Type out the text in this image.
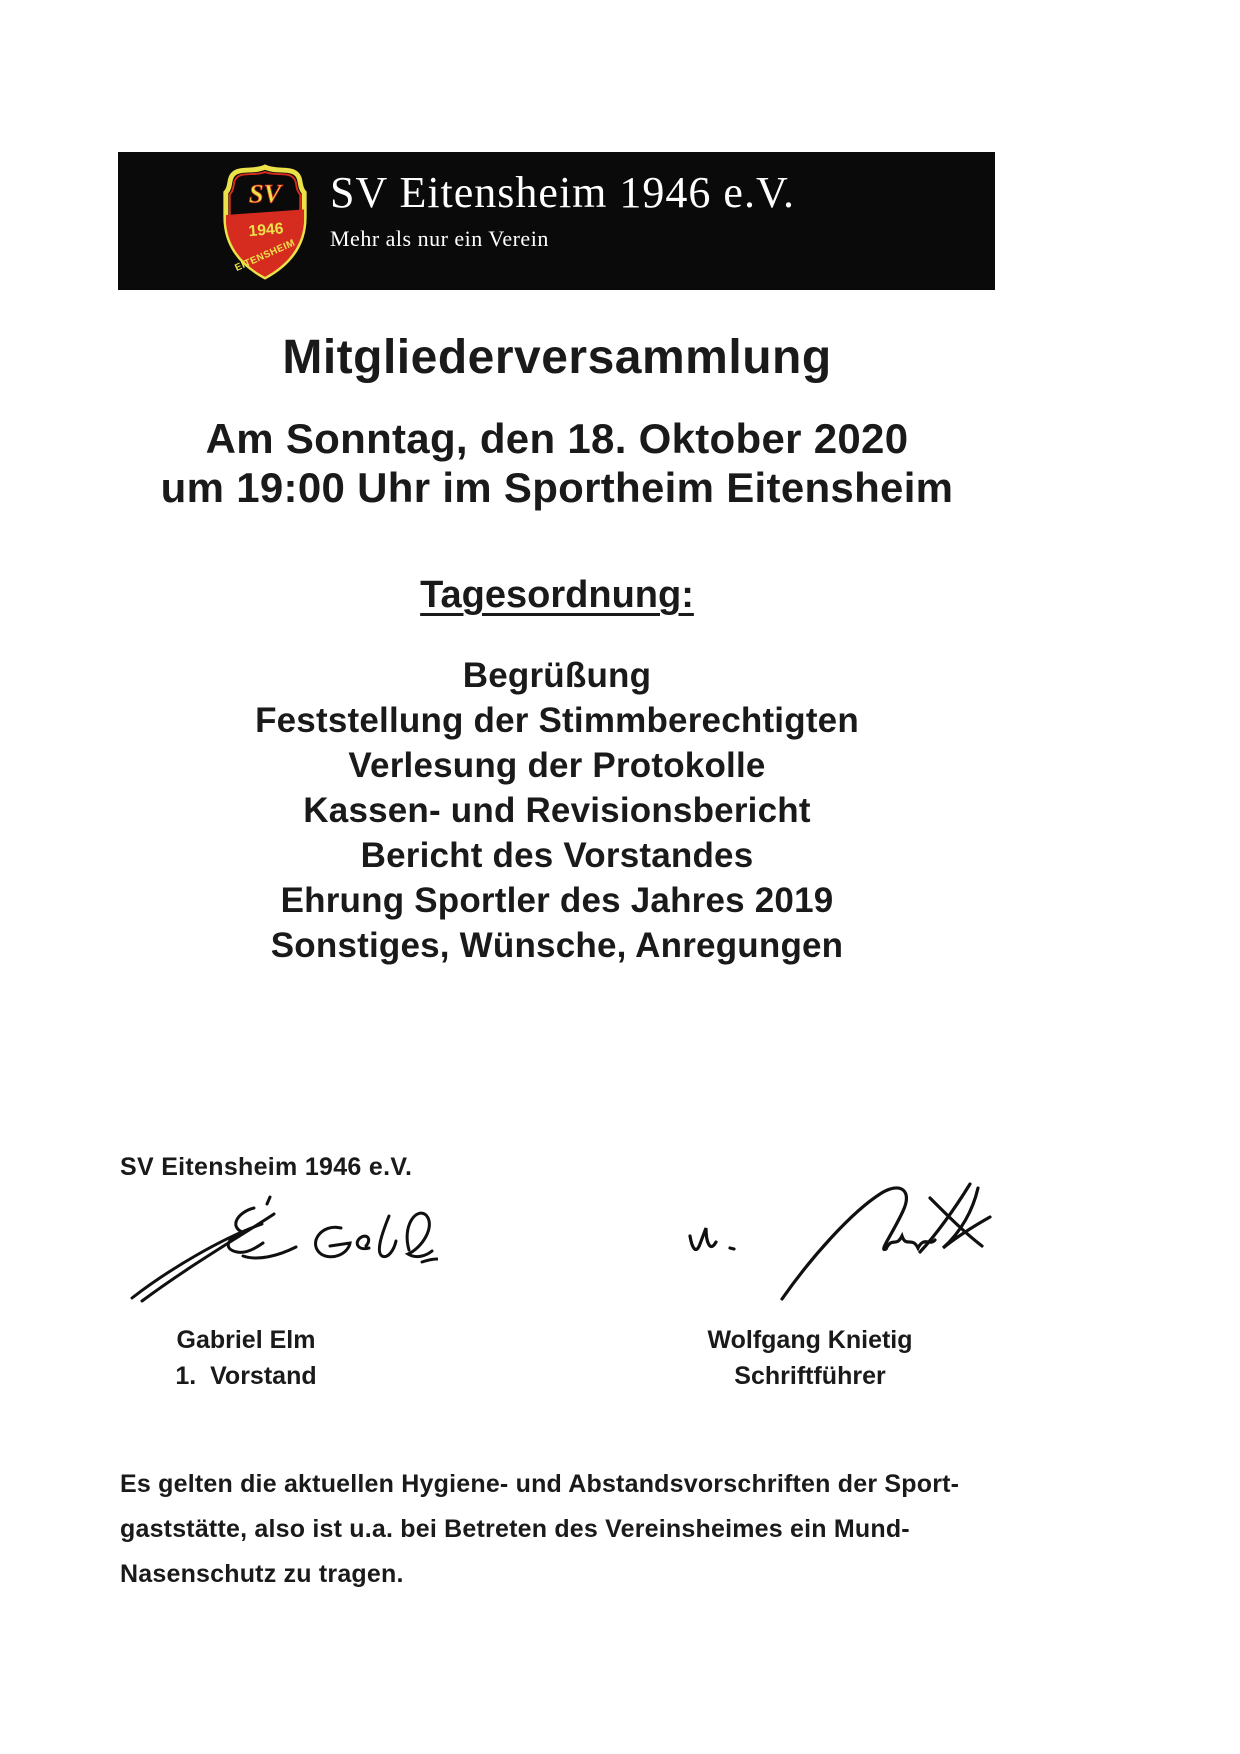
SV
1946
EITENSHEIM
SV Eitensheim 1946 e.V.
Mehr als nur ein Verein
Mitgliederversammlung
Am Sonntag, den 18. Oktober 2020
um 19:00 Uhr im Sportheim Eitensheim
Tagesordnung:
Begrüßung
Feststellung der Stimmberechtigten
Verlesung der Protokolle
Kassen- und Revisionsbericht
Bericht des Vorstandes
Ehrung Sportler des Jahres 2019
Sonstiges, Wünsche, Anregungen
SV Eitensheim 1946 e.V.
Gabriel Elm
1.  Vorstand
Wolfgang Knietig
Schriftführer
Es gelten die aktuellen Hygiene- und Abstandsvorschriften der Sport-
gaststätte, also ist u.a. bei Betreten des Vereinsheimes ein Mund-
Nasenschutz zu tragen.
